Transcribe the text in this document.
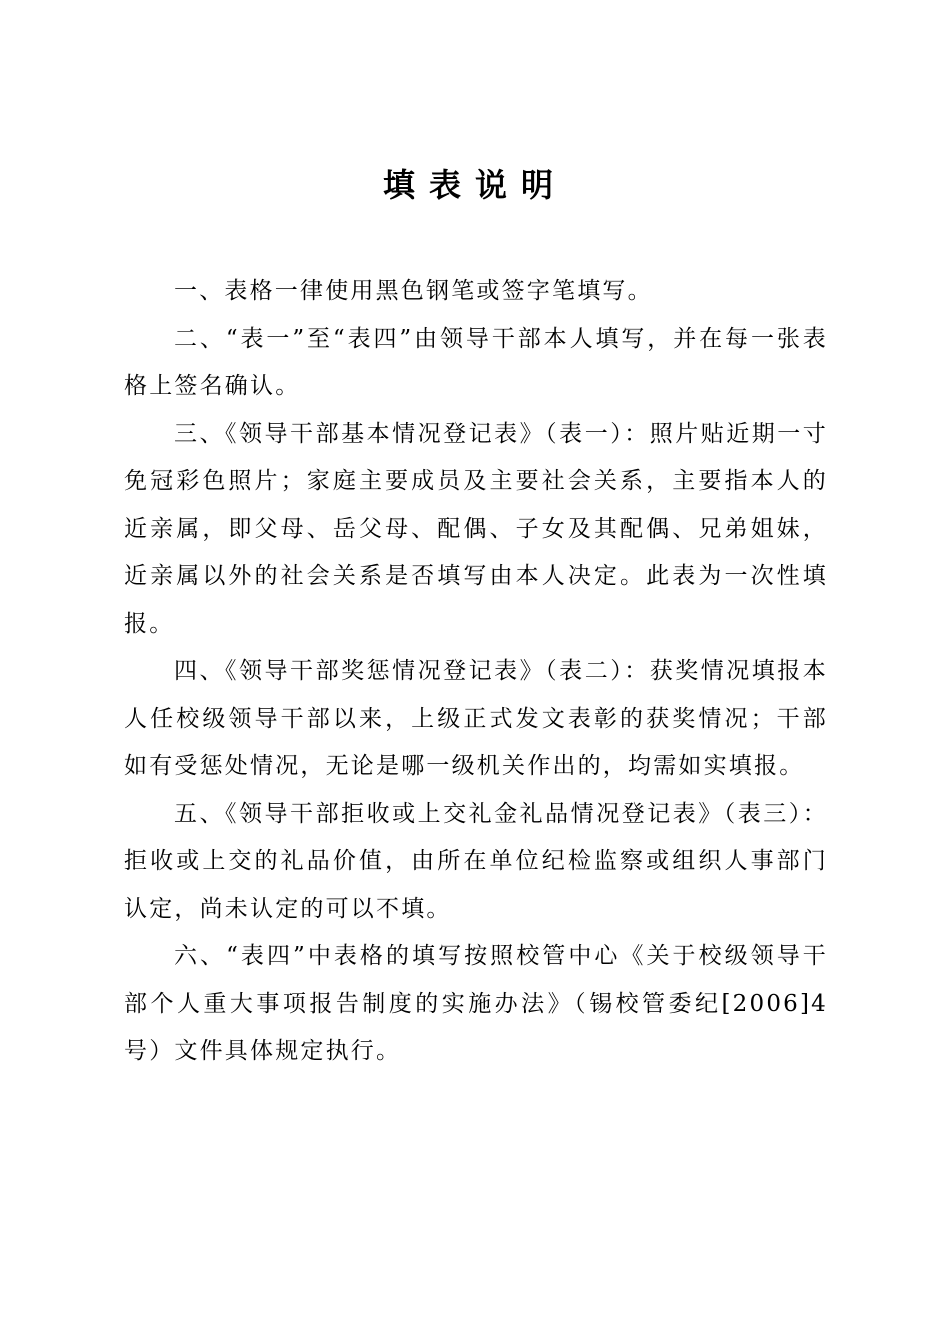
填表说明

一、表格一律使用黑色钢笔或签字笔填写。

二、“表一”至“表四”由领导干部本人填写，并在每一张表格上签名确认。

三、《领导干部基本情况登记表》（表一）：照片贴近期一寸免冠彩色照片；家庭主要成员及主要社会关系，主要指本人的近亲属，即父母、岳父母、配偶、子女及其配偶、兄弟姐妹，近亲属以外的社会关系是否填写由本人决定。此表为一次性填报。

四、《领导干部奖惩情况登记表》（表二）：获奖情况填报本人任校级领导干部以来，上级正式发文表彰的获奖情况；干部如有受惩处情况，无论是哪一级机关作出的，均需如实填报。

五、《领导干部拒收或上交礼金礼品情况登记表》（表三）：拒收或上交的礼品价值，由所在单位纪检监察或组织人事部门认定，尚未认定的可以不填。

六、“表四”中表格的填写按照校管中心《关于校级领导干部个人重大事项报告制度的实施办法》（锡校管委纪[2006]4号）文件具体规定执行。
